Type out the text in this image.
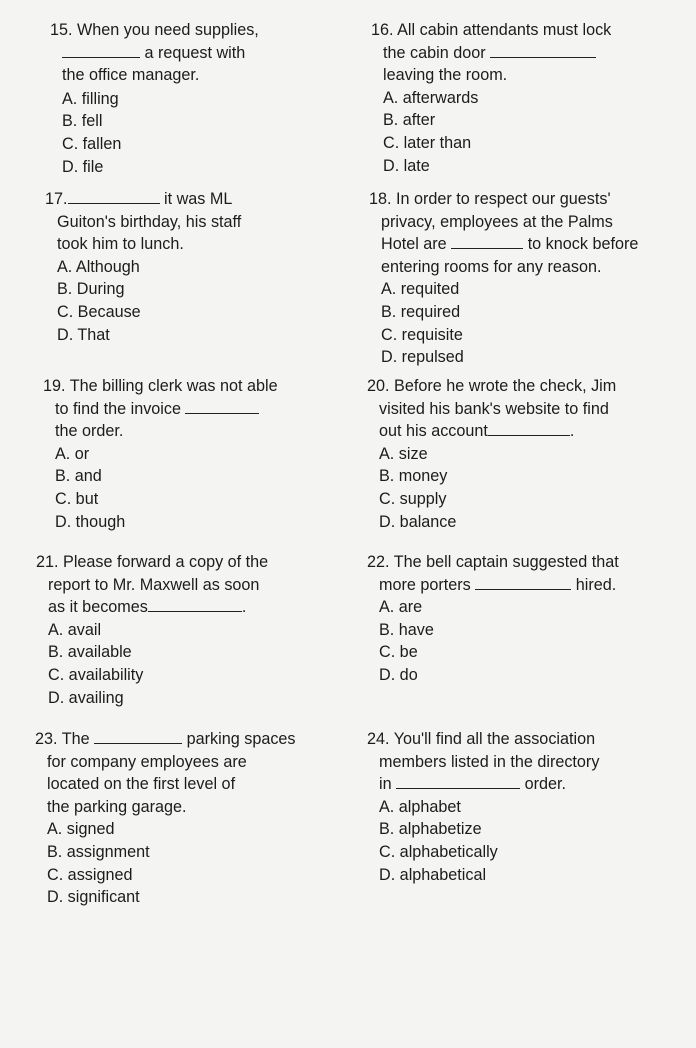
15. When you need supplies,
a request with
the office manager.
A. filling
B. fell
C. fallen
D. file
16. All cabin attendants must lock
the cabin door
leaving the room.
A. afterwards
B. after
C. later than
D. late
17.	it was ML
Guiton's birthday, his staff
took him to lunch.
A. Although
B. During
C. Because
D. That
18. In order to respect our guests'
privacy, employees at the Palms
Hotel are	to knock before
entering rooms for any reason.
A. requited
B. required
C. requisite
D. repulsed
19. The billing clerk was not able
to find the invoice
the order.
A. or
B. and
C. but
D. though
20. Before he wrote the check, Jim
visited his bank's website to find
out his account	.
A. size
B. money
C. supply
D. balance
21. Please forward a copy of the
report to Mr. Maxwell as soon
as it becomes	.
A. avail
B. available
C. availability
D. availing
22. The bell captain suggested that
more porters	hired.
A. are
B. have
C. be
D. do
23. The	parking spaces
for company employees are
located on the first level of
the parking garage.
A. signed
B. assignment
C. assigned
D. significant
24. You'll find all the association
members listed in the directory
in	order.
A. alphabet
B. alphabetize
C. alphabetically
D. alphabetical
